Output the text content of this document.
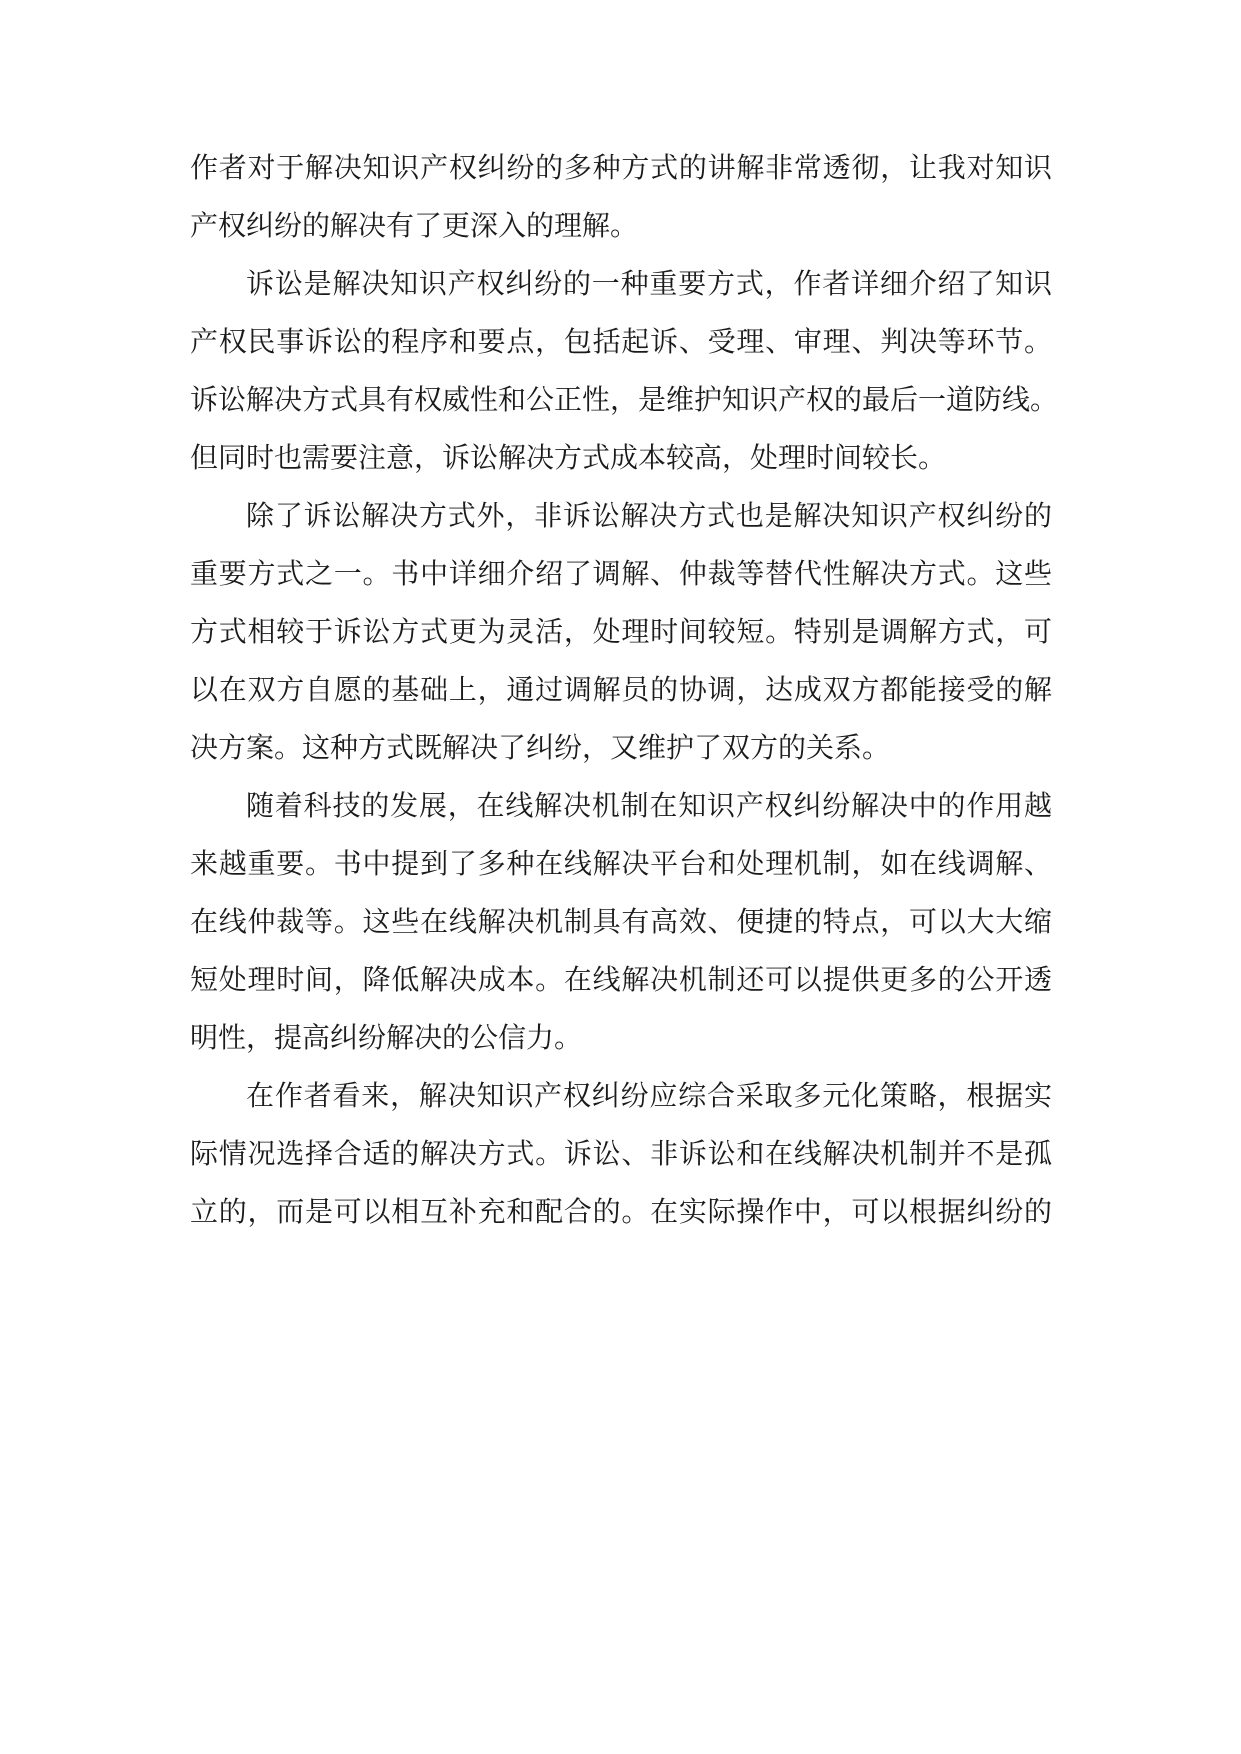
作者对于解决知识产权纠纷的多种方式的讲解非常透彻，让我对知识
产权纠纷的解决有了更深入的理解。
诉讼是解决知识产权纠纷的一种重要方式，作者详细介绍了知识
产权民事诉讼的程序和要点，包括起诉、受理、审理、判决等环节。
诉讼解决方式具有权威性和公正性，是维护知识产权的最后一道防线。
但同时也需要注意，诉讼解决方式成本较高，处理时间较长。
除了诉讼解决方式外，非诉讼解决方式也是解决知识产权纠纷的
重要方式之一。书中详细介绍了调解、仲裁等替代性解决方式。这些
方式相较于诉讼方式更为灵活，处理时间较短。特别是调解方式，可
以在双方自愿的基础上，通过调解员的协调，达成双方都能接受的解
决方案。这种方式既解决了纠纷，又维护了双方的关系。
随着科技的发展，在线解决机制在知识产权纠纷解决中的作用越
来越重要。书中提到了多种在线解决平台和处理机制，如在线调解、
在线仲裁等。这些在线解决机制具有高效、便捷的特点，可以大大缩
短处理时间，降低解决成本。在线解决机制还可以提供更多的公开透
明性，提高纠纷解决的公信力。
在作者看来，解决知识产权纠纷应综合采取多元化策略，根据实
际情况选择合适的解决方式。诉讼、非诉讼和在线解决机制并不是孤
立的，而是可以相互补充和配合的。在实际操作中，可以根据纠纷的
